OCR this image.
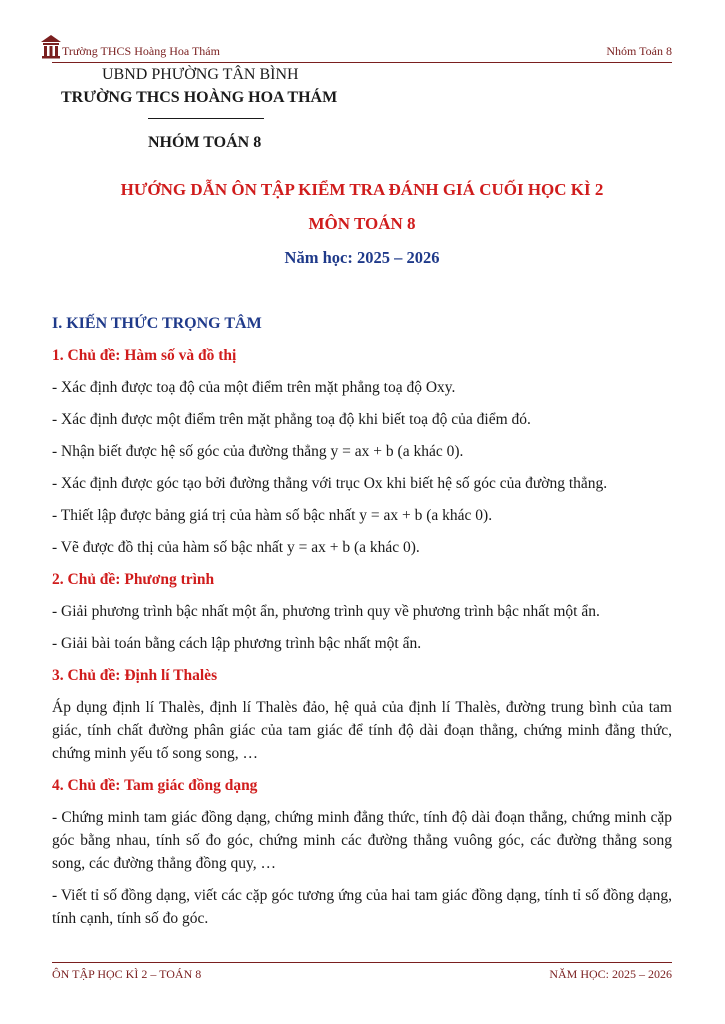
Trường THCS Hoàng Hoa Thám	Nhóm Toán 8
UBND PHƯỜNG TÂN BÌNH
TRƯỜNG THCS HOÀNG HOA THÁM
NHÓM TOÁN 8
HƯỚNG DẪN ÔN TẬP KIỂM TRA ĐÁNH GIÁ CUỐI HỌC KÌ 2
MÔN TOÁN 8
Năm học: 2025 – 2026
I. KIẾN THỨC TRỌNG TÂM
1. Chủ đề: Hàm số và đồ thị

- Xác định được toạ độ của một điểm trên mặt phẳng toạ độ Oxy.

- Xác định được một điểm trên mặt phẳng toạ độ khi biết toạ độ của điểm đó.

- Nhận biết được hệ số góc của đường thẳng y = ax + b (a khác 0).

- Xác định được góc tạo bởi đường thẳng với trục Ox khi biết hệ số góc của đường thẳng.

- Thiết lập được bảng giá trị của hàm số bậc nhất y = ax + b (a khác 0).

- Vẽ được đồ thị của hàm số bậc nhất y = ax + b (a khác 0).

2. Chủ đề: Phương trình

- Giải phương trình bậc nhất một ẩn, phương trình quy về phương trình bậc nhất một ẩn.

- Giải bài toán bằng cách lập phương trình bậc nhất một ẩn.

3. Chủ đề: Định lí Thalès

Áp dụng định lí Thalès, định lí Thalès đảo, hệ quả của định lí Thalès, đường trung bình của tam giác, tính chất đường phân giác của tam giác để tính độ dài đoạn thẳng, chứng minh đẳng thức, chứng minh yếu tố song song, …

4. Chủ đề: Tam giác đồng dạng

- Chứng minh tam giác đồng dạng, chứng minh đẳng thức, tính độ dài đoạn thẳng, chứng minh cặp góc bằng nhau, tính số đo góc, chứng minh các đường thẳng vuông góc, các đường thẳng song song, các đường thẳng đồng quy, …

- Viết tỉ số đồng dạng, viết các cặp góc tương ứng của hai tam giác đồng dạng, tính tỉ số đồng dạng, tính cạnh, tính số đo góc.

ÔN TẬP HỌC KÌ 2 – TOÁN 8	NĂM HỌC: 2025 – 2026
